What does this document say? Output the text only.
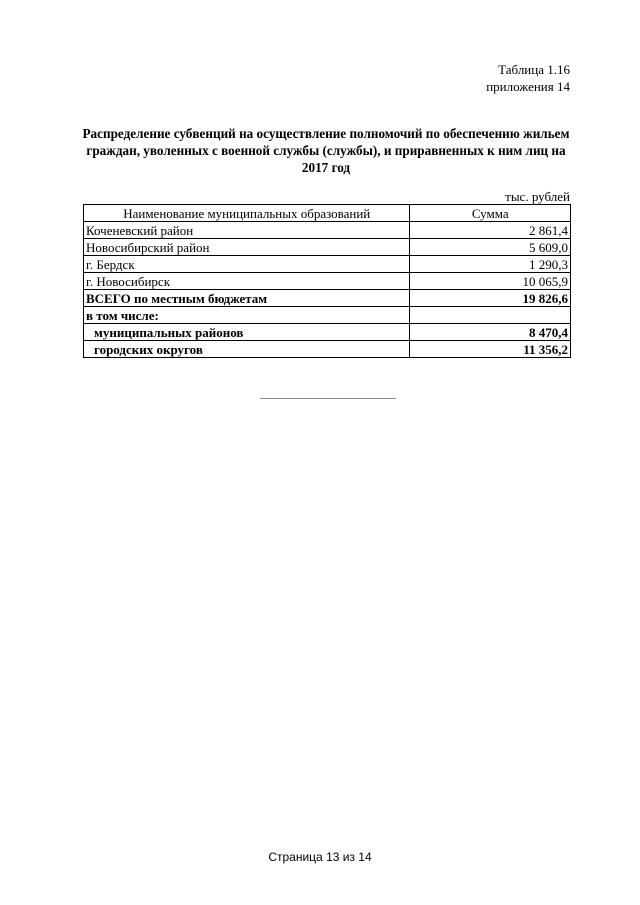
Таблица 1.16
приложения 14
Распределение субвенций на осуществление полномочий по обеспечению жильем
граждан, уволенных с военной службы (службы), и приравненных к ним лиц на
2017 год
тыс. рублей
Наименование муниципальных образований	Сумма
Коченевский район	2 861,4
Новосибирский район	5 609,0
г. Бердск	1 290,3
г. Новосибирск	10 065,9
ВСЕГО по местным бюджетам	19 826,6
в том числе:	
муниципальных районов	8 470,4
городских округов	11 356,2
Страница 13 из 14
